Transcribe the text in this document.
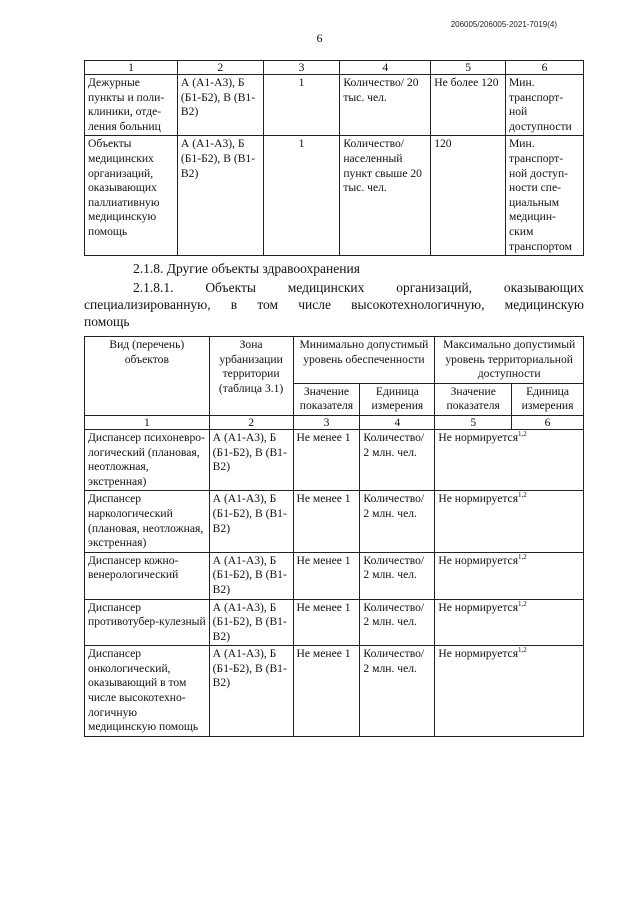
206005/206005-2021-7019(4)
6
1	2	3	4	5	6
Дежурные пункты и поли-клиники, отде-ления больниц	А (А1-А3), Б (Б1-Б2), В (В1-В2)	1	Количество/ 20 тыс. чел.	Не более 120	Мин. транспорт-ной доступности
Объекты медицинских организаций, оказывающих паллиативную медицинскую помощь	А (А1-А3), Б (Б1-Б2), В (В1-В2)	1	Количество/ населенный пункт свыше 20 тыс. чел.	120	Мин. транспорт-ной доступ-ности спе-циальным медицин-ским транспортом
2.1.8. Другие объекты здравоохранения
2.1.8.1. Объекты медицинских организаций, оказывающих
специализированную, в том числе высокотехнологичную, медицинскую
помощь
Вид (перечень) объектов	Зона урбанизации территории (таблица 3.1)	Минимально допустимый уровень обеспеченности		Максимально допустимый уровень территориальной доступности	
		Значение показателя	Единица измерения	Значение показателя	Единица измерения
1	2	3	4	5	6
Диспансер психоневро-логический (плановая, неотложная, экстренная)	А (А1-А3), Б (Б1-Б2), В (В1-В2)	Не менее 1	Количество/ 2 млн. чел.	Не нормируется$^{1,2}$
Диспансер наркологический (плановая, неотложная, экстренная)	А (А1-А3), Б (Б1-Б2), В (В1-В2)	Не менее 1	Количество/ 2 млн. чел.	Не нормируется$^{1,2}$
Диспансер кожно-венерологический	А (А1-А3), Б (Б1-Б2), В (В1-В2)	Не менее 1	Количество/ 2 млн. чел.	Не нормируется$^{1,2}$
Диспансер противотубер-кулезный	А (А1-А3), Б (Б1-Б2), В (В1-В2)	Не менее 1	Количество/ 2 млн. чел.	Не нормируется$^{1,2}$
Диспансер онкологический, оказывающий в том числе высокотехно-логичную медицинскую помощь	А (А1-А3), Б (Б1-Б2), В (В1-В2)	Не менее 1	Количество/ 2 млн. чел.	Не нормируется$^{1,2}$
